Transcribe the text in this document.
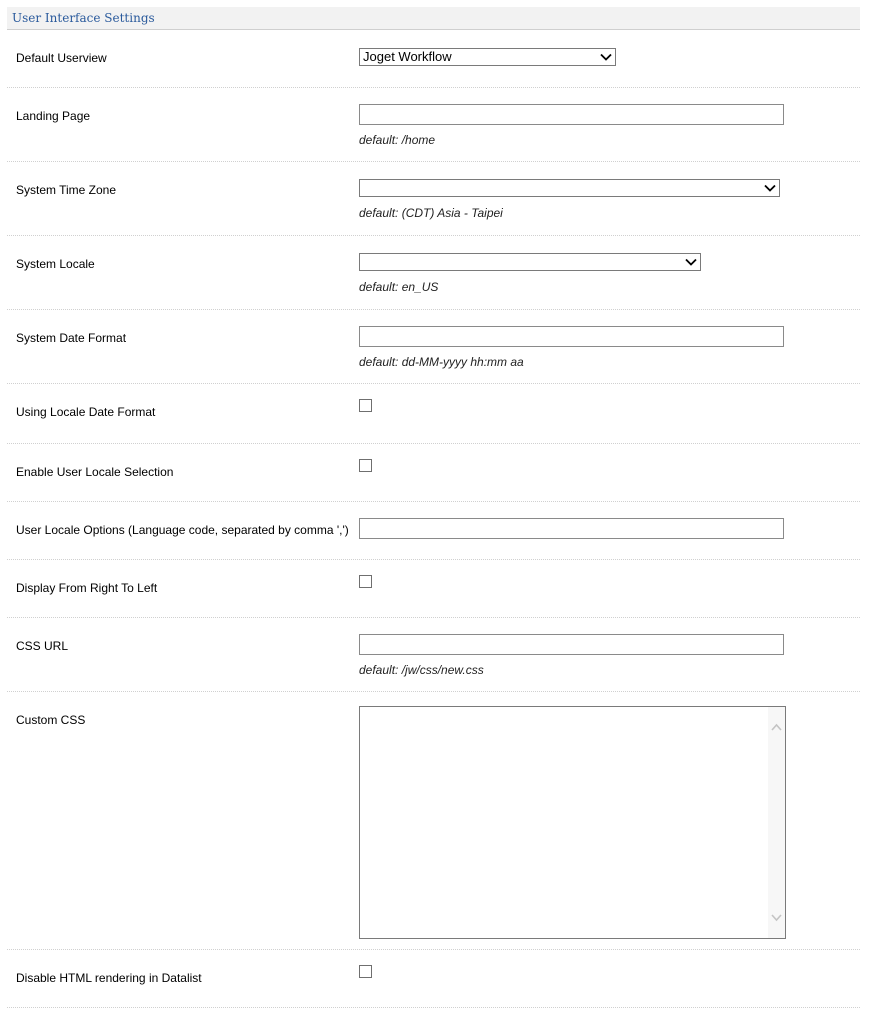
User Interface Settings
Default Userview	Joget Workflow
Landing Page
default: /home
System Time Zone
default: (CDT) Asia - Taipei
System Locale
default: en_US
System Date Format
default: dd-MM-yyyy hh:mm aa
Using Locale Date Format
Enable User Locale Selection
User Locale Options (Language code, separated by comma ',')
Display From Right To Left
CSS URL
default: /jw/css/new.css
Custom CSS
Disable HTML rendering in Datalist
